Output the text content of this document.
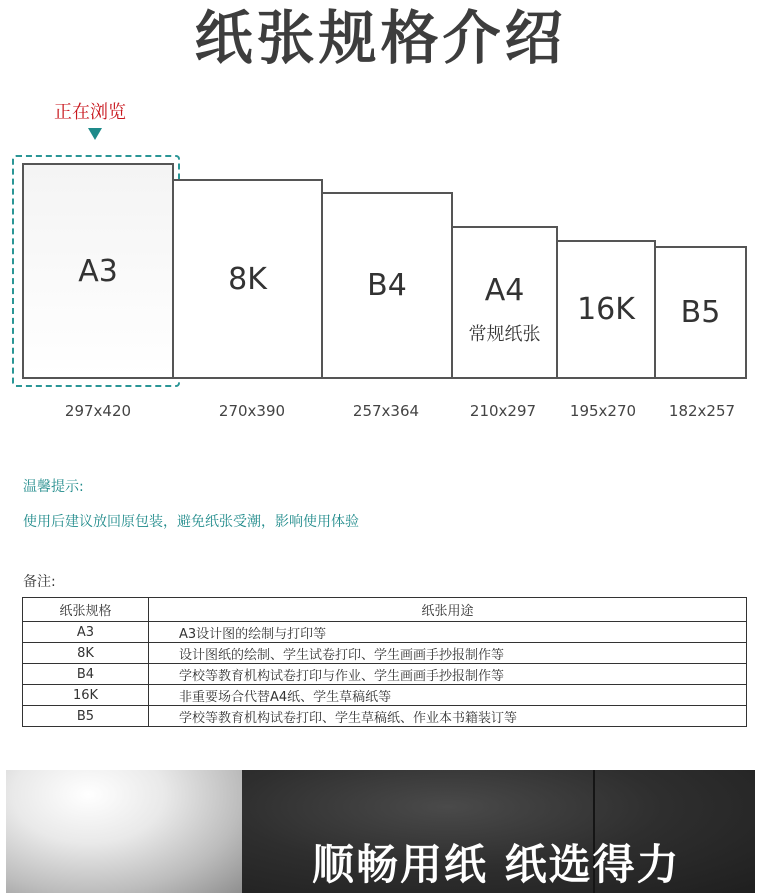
纸张规格介绍
正在浏览
A3	8K	B4	A4
常规纸张
16K B5
297x420	270x390	257x364	210x297	195x270	182x257
温馨提示:
使用后建议放回原包装，避免纸张受潮，影响使用体验
备注:
纸张规格	纸张用途
A3	A3设计图的绘制与打印等
8K	设计图纸的绘制、学生试卷打印、学生画画手抄报制作等
B4	学校等教育机构试卷打印与作业、学生画画手抄报制作等
16K	非重要场合代替A4纸、学生草稿纸等
B5	学校等教育机构试卷打印、学生草稿纸、作业本书籍装订等
顺畅用纸 纸选得力
